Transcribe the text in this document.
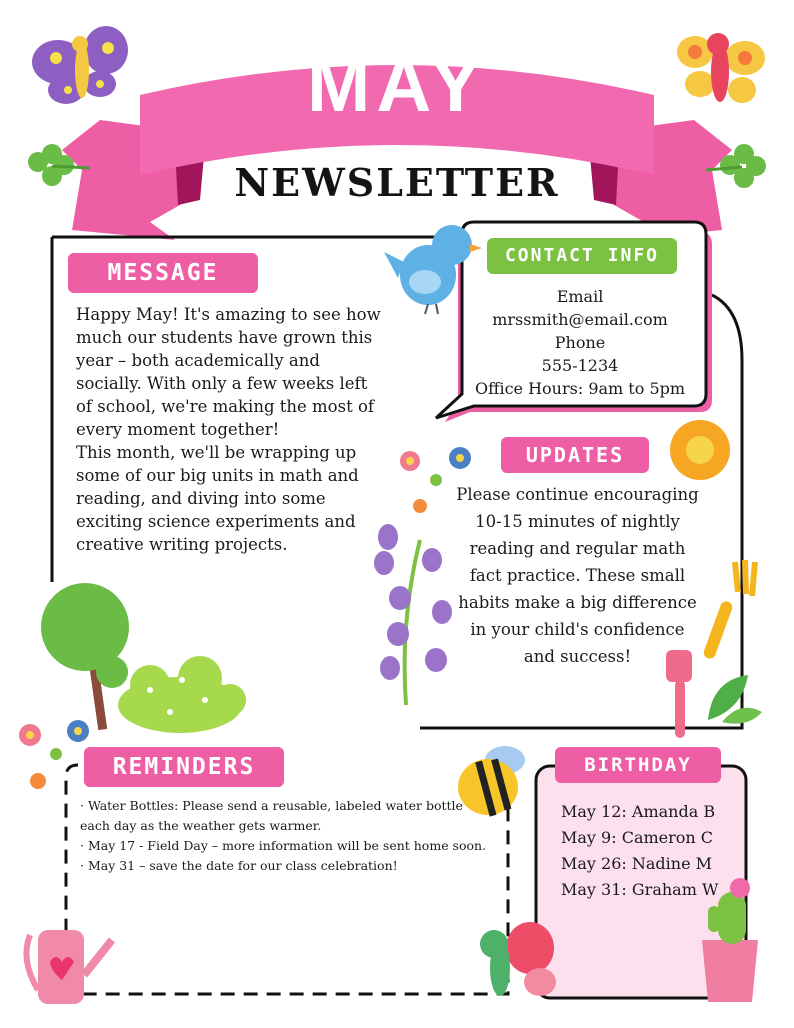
MAY
NEWSLETTER
MESSAGE

Happy May! It's amazing to see how much our students have grown this year – both academically and socially. With only a few weeks left of school, we're making the most of every moment together!

This month, we'll be wrapping up some of our big units in math and reading, and diving into some exciting science experiments and creative writing projects.

CONTACT INFO
Email
mrssmith@email.com
Phone
555-1234
Office Hours: 9am to 5pm
UPDATES
Please continue encouraging 10-15 minutes of nightly reading and regular math fact practice. These small habits make a big difference in your child's confidence and success!
REMINDERS
· Water Bottles: Please send a reusable, labeled water bottle each day as the weather gets warmer.
· May 17 - Field Day – more information will be sent home soon.
· May 31 – save the date for our class celebration!
BIRTHDAY
May 12: Amanda B
May 9: Cameron C
May 26: Nadine M
May 31: Graham W
